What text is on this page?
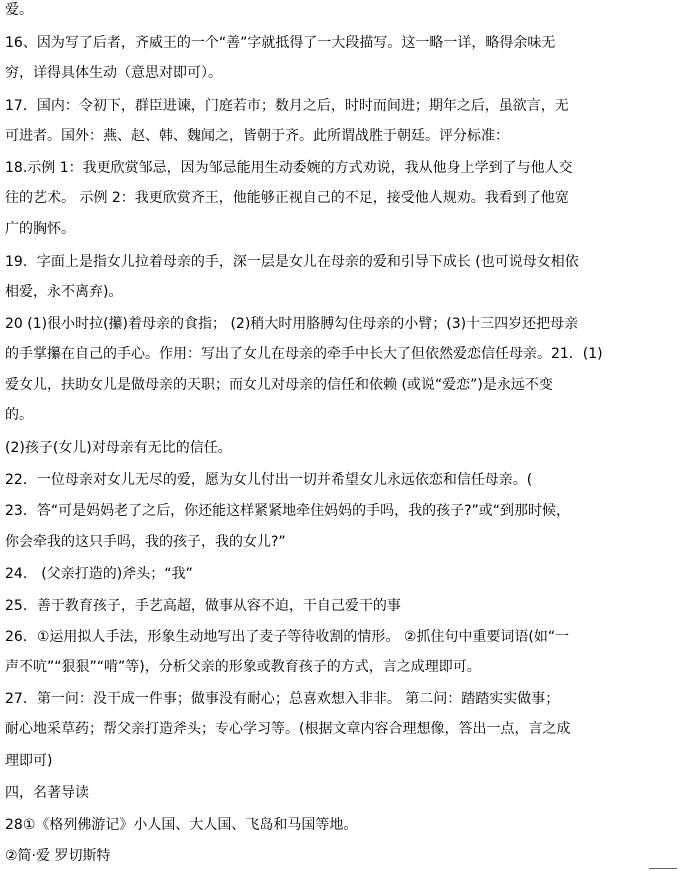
爱。
16、因为写了后者，齐威王的一个“善”字就抵得了一大段描写。这一略一详，略得余味无
穷，详得具体生动（意思对即可）。
17．国内：令初下，群臣进谏，门庭若市；数月之后，时时而间进；期年之后，虽欲言，无
可进者。国外：燕、赵、韩、魏闻之，皆朝于齐。此所谓战胜于朝廷。评分标准：
18.示例 1：我更欣赏邹忌，因为邹忌能用生动委婉的方式劝说，我从他身上学到了与他人交
往的艺术。 示例 2：我更欣赏齐王，他能够正视自己的不足，接受他人规劝。我看到了他宽
广的胸怀。
19．字面上是指女儿拉着母亲的手，深一层是女儿在母亲的爱和引导下成长 (也可说母女相依
相爱，永不离弃)。
20 (1)很小时拉(攥)着母亲的食指； (2)稍大时用胳膊勾住母亲的小臂；(3)十三四岁还把母亲
的手掌攥在自己的手心。作用：写出了女儿在母亲的牵手中长大了但依然爱恋信任母亲。21．(1)
爱女儿，扶助女儿是做母亲的天职；而女儿对母亲的信任和依赖 (或说“爱恋”)是永远不变
的。
(2)孩子(女儿)对母亲有无比的信任。
22．一位母亲对女儿无尽的爱，愿为女儿付出一切并希望女儿永远依恋和信任母亲。(
23．答“可是妈妈老了之后，你还能这样紧紧地牵住妈妈的手吗，我的孩子?”或“到那时候，
你会牵我的这只手吗，我的孩子，我的女儿?”
24． (父亲打造的)斧头；“我”
25．善于教育孩子，手艺高超，做事从容不迫，干自己爱干的事
26．①运用拟人手法，形象生动地写出了麦子等待收割的情形。 ②抓住句中重要词语(如“一
声不吭”“狠狠”“啃”等)，分析父亲的形象或教育孩子的方式，言之成理即可。
27．第一问：没干成一件事；做事没有耐心；总喜欢想入非非。 第二问：踏踏实实做事；
耐心地采草药；帮父亲打造斧头；专心学习等。(根据文章内容合理想像，答出一点，言之成
理即可)
四，名著导读
28①《格列佛游记》小人国、大人国、飞岛和马国等地。
②简·爱 罗切斯特
